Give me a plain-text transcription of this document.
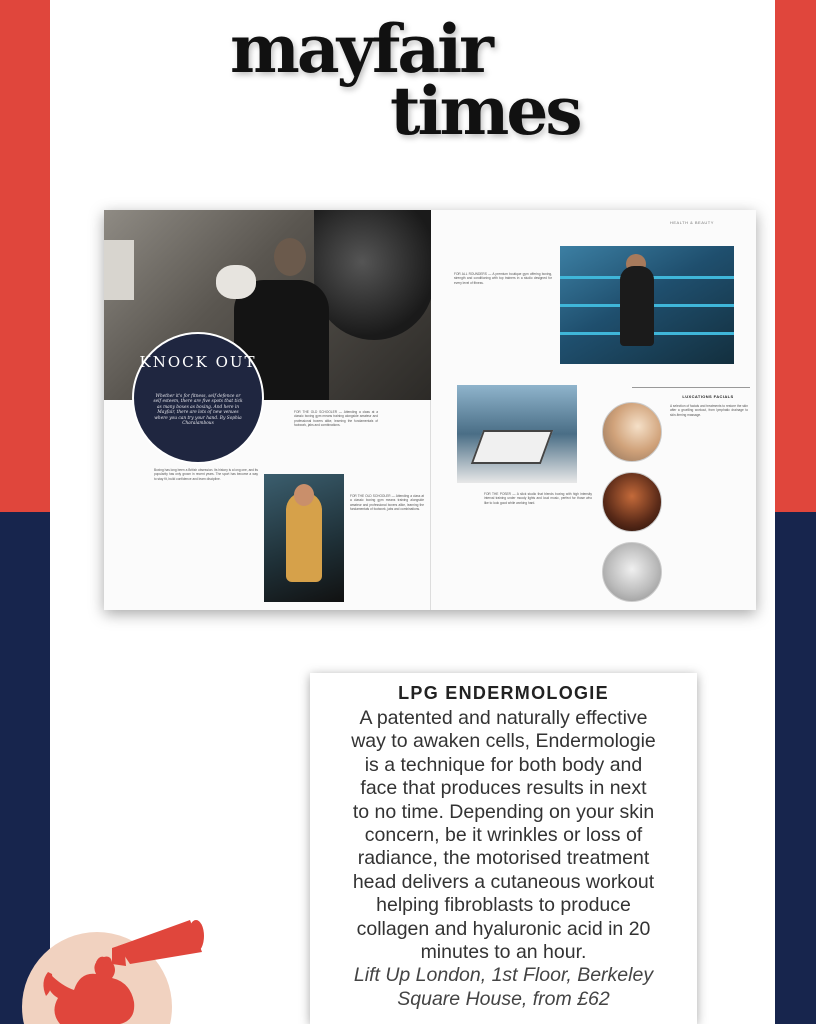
mayfair
times
KNOCK OUT
Whether it's for fitness, self defence or self esteem, there are five spots that tick as many boxes as boxing. And here in Mayfair, there are lots of new venues where you can try your hand. By Sophia Charalambous
Boxing has long been a British obsession. Its history is a long one, and its popularity has only grown in recent years. The sport has become a way to stay fit, build confidence and learn discipline.
FOR THE OLD SCHOOLER — Attending a class at a classic boxing gym means training alongside amateur and professional boxers alike, learning the fundamentals of footwork, jabs and combinations.
FOR THE OLD SCHOOLER — Attending a class at a classic boxing gym means training alongside amateur and professional boxers alike, learning the fundamentals of footwork, jabs and combinations.
HEALTH & BEAUTY
FOR ALL ROUNDERS — A premium boutique gym offering boxing, strength and conditioning with top trainers in a studio designed for every level of fitness.
FOR THE POSER — A slick studio that blends boxing with high intensity interval training under moody lights and loud music, perfect for those who like to look good while working hard.
LUXCATIONS FACIALS
A selection of facials and treatments to restore the skin after a gruelling workout, from lymphatic drainage to skin-firming massage.
LPG ENDERMOLOGIE
A patented and naturally effective
way to awaken cells, Endermologie
is a technique for both body and
face that produces results in next
to no time. Depending on your skin
concern, be it wrinkles or loss of
radiance, the motorised treatment
head delivers a cutaneous workout
helping fibroblasts to produce
collagen and hyaluronic acid in 20
minutes to an hour.
Lift Up London, 1st Floor, Berkeley
Square House, from £62
